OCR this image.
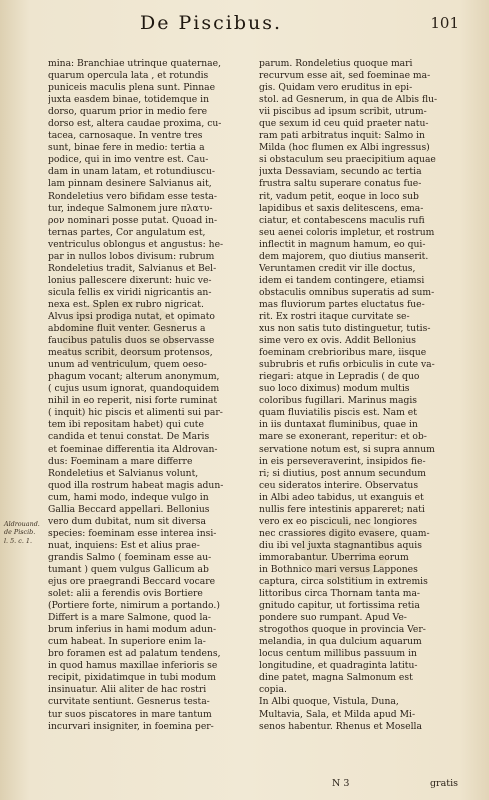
De Piscibus.	101
Aldrouand.
de Piscib.
l. 5. c. 1.
mina: Branchiae utrinque quaternae,
quarum opercula lata , et rotundis
puniceis maculis plena sunt. Pinnae
juxta easdem binae, totidemque in
dorso, quarum prior in medio fere
dorso est, altera caudae proxima, cu-
tacea, carnosaque. In ventre tres
sunt, binae fere in medio: tertia a
podice, qui in imo ventre est. Cau-
dam in unam latam, et rotundiuscu-
lam pinnam desinere Salvianus ait,
Rondeletius vero bifidam esse testa-
tur, indeque Salmonem jure πλατυ-
ρον nominari posse putat. Quoad in-
ternas partes, Cor angulatum est,
ventriculus oblongus et angustus: he-
par in nullos lobos divisum: rubrum
Rondeletius tradit, Salvianus et Bel-
lonius pallescere dixerunt: huic ve-
sicula fellis ex viridi nigricantis an-
nexa est. Splen ex rubro nigricat.
Alvus ipsi prodiga nutat, et opimato
abdomine fluit venter. Gesnerus a
faucibus patulis duos se observasse
meatus scribit, deorsum protensos,
unum ad ventriculum, quem oeso-
phagum vocant; alterum anonymum,
( cujus usum ignorat, quandoquidem
nihil in eo reperit, nisi forte ruminat
( inquit) hic piscis et alimenti sui par-
tem ibi repositam habet) qui cute
candida et tenui constat. De Maris
et foeminae differentia ita Aldrovan-
dus: Foeminam a mare differre
Rondeletius et Salvianus volunt,
quod illa rostrum habeat magis adun-
cum, hami modo, indeque vulgo in
Gallia Beccard appellari. Bellonius
vero dum dubitat, num sit diversa
species: foeminam esse interea insi-
nuat, inquiens: Est et alius prae-
grandis Salmo ( foeminam esse au-
tumant ) quem vulgus Gallicum ab
ejus ore praegrandi Beccard vocare
solet: alii a ferendis ovis Bortiere
(Portiere forte, nimirum a portando.)
Differt is a mare Salmone, quod la-
brum inferius in hami modum adun-
cum habeat. In superiore enim la-
bro foramen est ad palatum tendens,
in quod hamus maxillae inferioris se
recipit, pixidatimque in tubi modum
insinuatur. Alii aliter de hac rostri
curvitate sentiunt. Gesnerus testa-
tur suos piscatores in mare tantum
incurvari insigniter, in foemina per-
parum. Rondeletius quoque mari
recurvum esse ait, sed foeminae ma-
gis. Quidam vero eruditus in epi-
stol. ad Gesnerum, in qua de Albis flu-
vii piscibus ad ipsum scribit, utrum-
que sexum id ceu quid praeter natu-
ram pati arbitratus inquit: Salmo in
Milda (hoc flumen ex Albi ingressus)
si obstaculum seu praecipitium aquae
juxta Dessaviam, secundo ac tertia
frustra saltu superare conatus fue-
rit, vadum petit, eoque in loco sub
lapidibus et saxis delitescens, ema-
ciatur, et contabescens maculis rufi
seu aenei coloris impletur, et rostrum
inflectit in magnum hamum, eo qui-
dem majorem, quo diutius manserit.
Veruntamen credit vir ille doctus,
idem ei tandem contingere, etiamsi
obstaculis omnibus superatis ad sum-
mas fluviorum partes eluctatus fue-
rit. Ex rostri itaque curvitate se-
xus non satis tuto distinguetur, tutis-
sime vero ex ovis. Addit Bellonius
foeminam crebrioribus mare, iisque
subrubris et rufis orbiculis in cute va-
riegari: atque in Lepradis ( de quo
suo loco diximus) modum multis
coloribus fugillari. Marinus magis
quam fluviatilis piscis est. Nam et
in iis duntaxat fluminibus, quae in
mare se exonerant, reperitur: et ob-
servatione notum est, si supra annum
in eis perseveraverint, insipidos fie-
ri; si diutius, post annum secundum
ceu sideratos interire. Observatus
in Albi adeo tabidus, ut exanguis et
nullis fere intestinis appareret; nati
vero ex eo pisciculi, nec longiores
nec crassiores digito evasere, quam-
diu ibi vel juxta stagnantibus aquis
immorabantur. Uberrima eorum
in Bothnico mari versus Lappones
captura, circa solstitium in extremis
littoribus circa Thornam tanta ma-
gnitudo capitur, ut fortissima retia
pondere suo rumpant. Apud Ve-
strogothos quoque in provincia Ver-
melandia, in qua dulcium aquarum
locus centum millibus passuum in
longitudine, et quadraginta latitu-
dine patet, magna Salmonum est
copia.
In Albi quoque, Vistula, Duna,
Multavia, Sala, et Milda apud Mi-
senos habentur. Rhenus et Mosella
N 3	gratis
